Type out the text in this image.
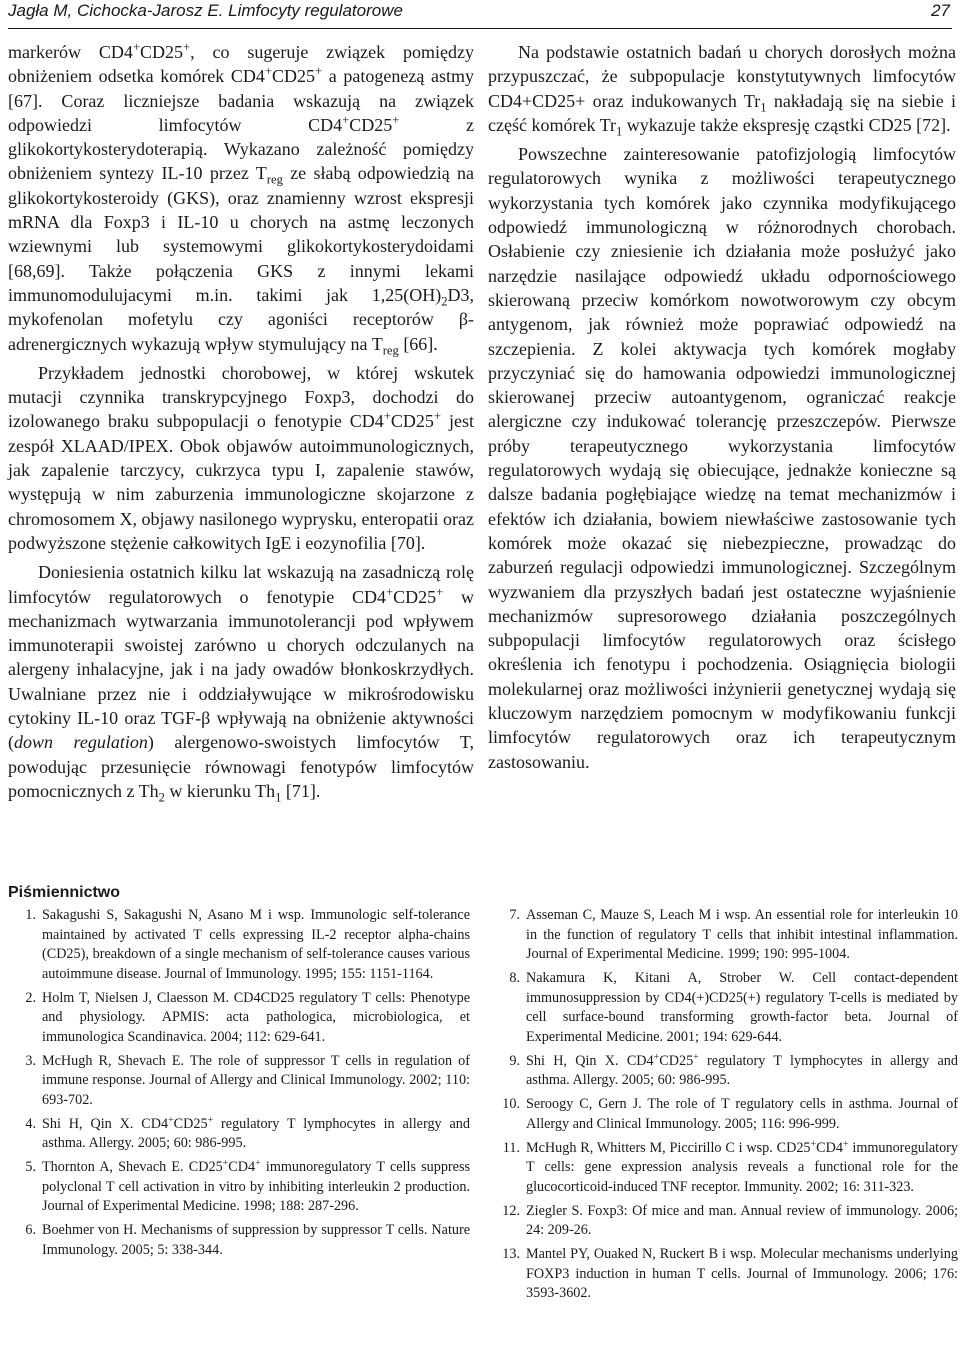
Jagła M, Cichocka-Jarosz E. Limfocyty regulatorowe	27

markerów CD4+CD25+, co sugeruje związek pomiędzy obniżeniem odsetka komórek CD4+CD25+ a patogenezą astmy [67]. Coraz liczniejsze badania wskazują na związek odpowiedzi limfocytów CD4+CD25+ z glikokortykosterydoterapią. Wykazano zależność pomiędzy obniżeniem syntezy IL-10 przez $T_{reg}$ ze słabą odpowiedzią na glikokortykosteroidy (GKS), oraz znamienny wzrost ekspresji mRNA dla Foxp3 i IL-10 u chorych na astmę leczonych wziewnymi lub systemowymi glikokortykosterydoidami [68,69]. Także połączenia GKS z innymi lekami immunomodulujacymi m.in. takimi jak $1,25(OH)_2D3$, mykofenolan mofetylu czy agoniści receptorów β-adrenergicznych wykazują wpływ stymulujący na $T_{reg}$ [66].

Przykładem jednostki chorobowej, w której wskutek mutacji czynnika transkrypcyjnego Foxp3, dochodzi do izolowanego braku subpopulacji o fenotypie CD4+CD25+ jest zespół XLAAD/IPEX. Obok objawów autoimmunologicznych, jak zapalenie tarczycy, cukrzyca typu I, zapalenie stawów, występują w nim zaburzenia immunologiczne skojarzone z chromosomem X, objawy nasilonego wyprysku, enteropatii oraz podwyższone stężenie całkowitych IgE i eozynofilia [70].

Doniesienia ostatnich kilku lat wskazują na zasadniczą rolę limfocytów regulatorowych o fenotypie CD4+CD25+ w mechanizmach wytwarzania immunotolerancji pod wpływem immunoterapii swoistej zarówno u chorych odczulanych na alergeny inhalacyjne, jak i na jady owadów błonkoskrzydłych. Uwalniane przez nie i oddziaływujące w mikrośrodowisku cytokiny IL-10 oraz TGF-β wpływają na obniżenie aktywności (down regulation) alergenowo-swoistych limfocytów T, powodując przesunięcie równowagi fenotypów limfocytów pomocnicznych z $Th_2$ w kierunku $Th_1$ [71].

Na podstawie ostatnich badań u chorych dorosłych można przypuszczać, że subpopulacje konstytutywnych limfocytów CD4+CD25+ oraz indukowanych $Tr_1$ nakładają się na siebie i część komórek $Tr_1$ wykazuje także ekspresję cząstki CD25 [72].

Powszechne zainteresowanie patofizjologią limfocytów regulatorowych wynika z możliwości terapeutycznego wykorzystania tych komórek jako czynnika modyfikującego odpowiedź immunologiczną w różnorodnych chorobach. Osłabienie czy zniesienie ich działania może posłużyć jako narzędzie nasilające odpowiedź układu odpornościowego skierowaną przeciw komórkom nowotworowym czy obcym antygenom, jak również może poprawiać odpowiedź na szczepienia. Z kolei aktywacja tych komórek mogłaby przyczyniać się do hamowania odpowiedzi immunologicznej skierowanej przeciw autoantygenom, ograniczać reakcje alergiczne czy indukować tolerancję przeszczepów. Pierwsze próby terapeutycznego wykorzystania limfocytów regulatorowych wydają się obiecujące, jednakże konieczne są dalsze badania pogłębiające wiedzę na temat mechanizmów i efektów ich działania, bowiem niewłaściwe zastosowanie tych komórek może okazać się niebezpieczne, prowadząc do zaburzeń regulacji odpowiedzi immunologicznej. Szczególnym wyzwaniem dla przyszłych badań jest ostateczne wyjaśnienie mechanizmów supresorowego działania poszczególnych subpopulacji limfocytów regulatorowych oraz ścisłego określenia ich fenotypu i pochodzenia. Osiągnięcia biologii molekularnej oraz możliwości inżynierii genetycznej wydają się kluczowym narzędziem pomocnym w modyfikowaniu funkcji limfocytów regulatorowych oraz ich terapeutycznym zastosowaniu.

Piśmiennictwo
1. Sakagushi S, Sakagushi N, Asano M i wsp. Immunologic self-tolerance maintained by activated T cells expressing IL-2 receptor alpha-chains (CD25), breakdown of a single mechanism of self-tolerance causes various autoimmune disease. Journal of Immunology. 1995; 155: 1151-1164.
2. Holm T, Nielsen J, Claesson M. CD4CD25 regulatory T cells: Phenotype and physiology. APMIS: acta pathologica, microbiologica, et immunologica Scandinavica. 2004; 112: 629-641.
3. McHugh R, Shevach E. The role of suppressor T cells in regulation of immune response. Journal of Allergy and Clinical Immunology. 2002; 110: 693-702.
4. Shi H, Qin X. CD4+CD25+ regulatory T lymphocytes in allergy and asthma. Allergy. 2005; 60: 986-995.
5. Thornton A, Shevach E. CD25+CD4+ immunoregulatory T cells suppress polyclonal T cell activation in vitro by inhibiting interleukin 2 production. Journal of Experimental Medicine. 1998; 188: 287-296.
6. Boehmer von H. Mechanisms of suppression by suppressor T cells. Nature Immunology. 2005; 5: 338-344.
7. Asseman C, Mauze S, Leach M i wsp. An essential role for interleukin 10 in the function of regulatory T cells that inhibit intestinal inflammation. Journal of Experimental Medicine. 1999; 190: 995-1004.
8. Nakamura K, Kitani A, Strober W. Cell contact-dependent immunosuppression by CD4(+)CD25(+) regulatory T-cells is mediated by cell surface-bound transforming growth-factor beta. Journal of Experimental Medicine. 2001; 194: 629-644.
9. Shi H, Qin X. CD4+CD25+ regulatory T lymphocytes in allergy and asthma. Allergy. 2005; 60: 986-995.
10. Seroogy C, Gern J. The role of T regulatory cells in asthma. Journal of Allergy and Clinical Immunology. 2005; 116: 996-999.
11. McHugh R, Whitters M, Piccirillo C i wsp. CD25+CD4+ immunoregulatory T cells: gene expression analysis reveals a functional role for the glucocorticoid-induced TNF receptor. Immunity. 2002; 16: 311-323.
12. Ziegler S. Foxp3: Of mice and man. Annual review of immunology. 2006; 24: 209-26.
13. Mantel PY, Ouaked N, Ruckert B i wsp. Molecular mechanisms underlying FOXP3 induction in human T cells. Journal of Immunology. 2006; 176: 3593-3602.
